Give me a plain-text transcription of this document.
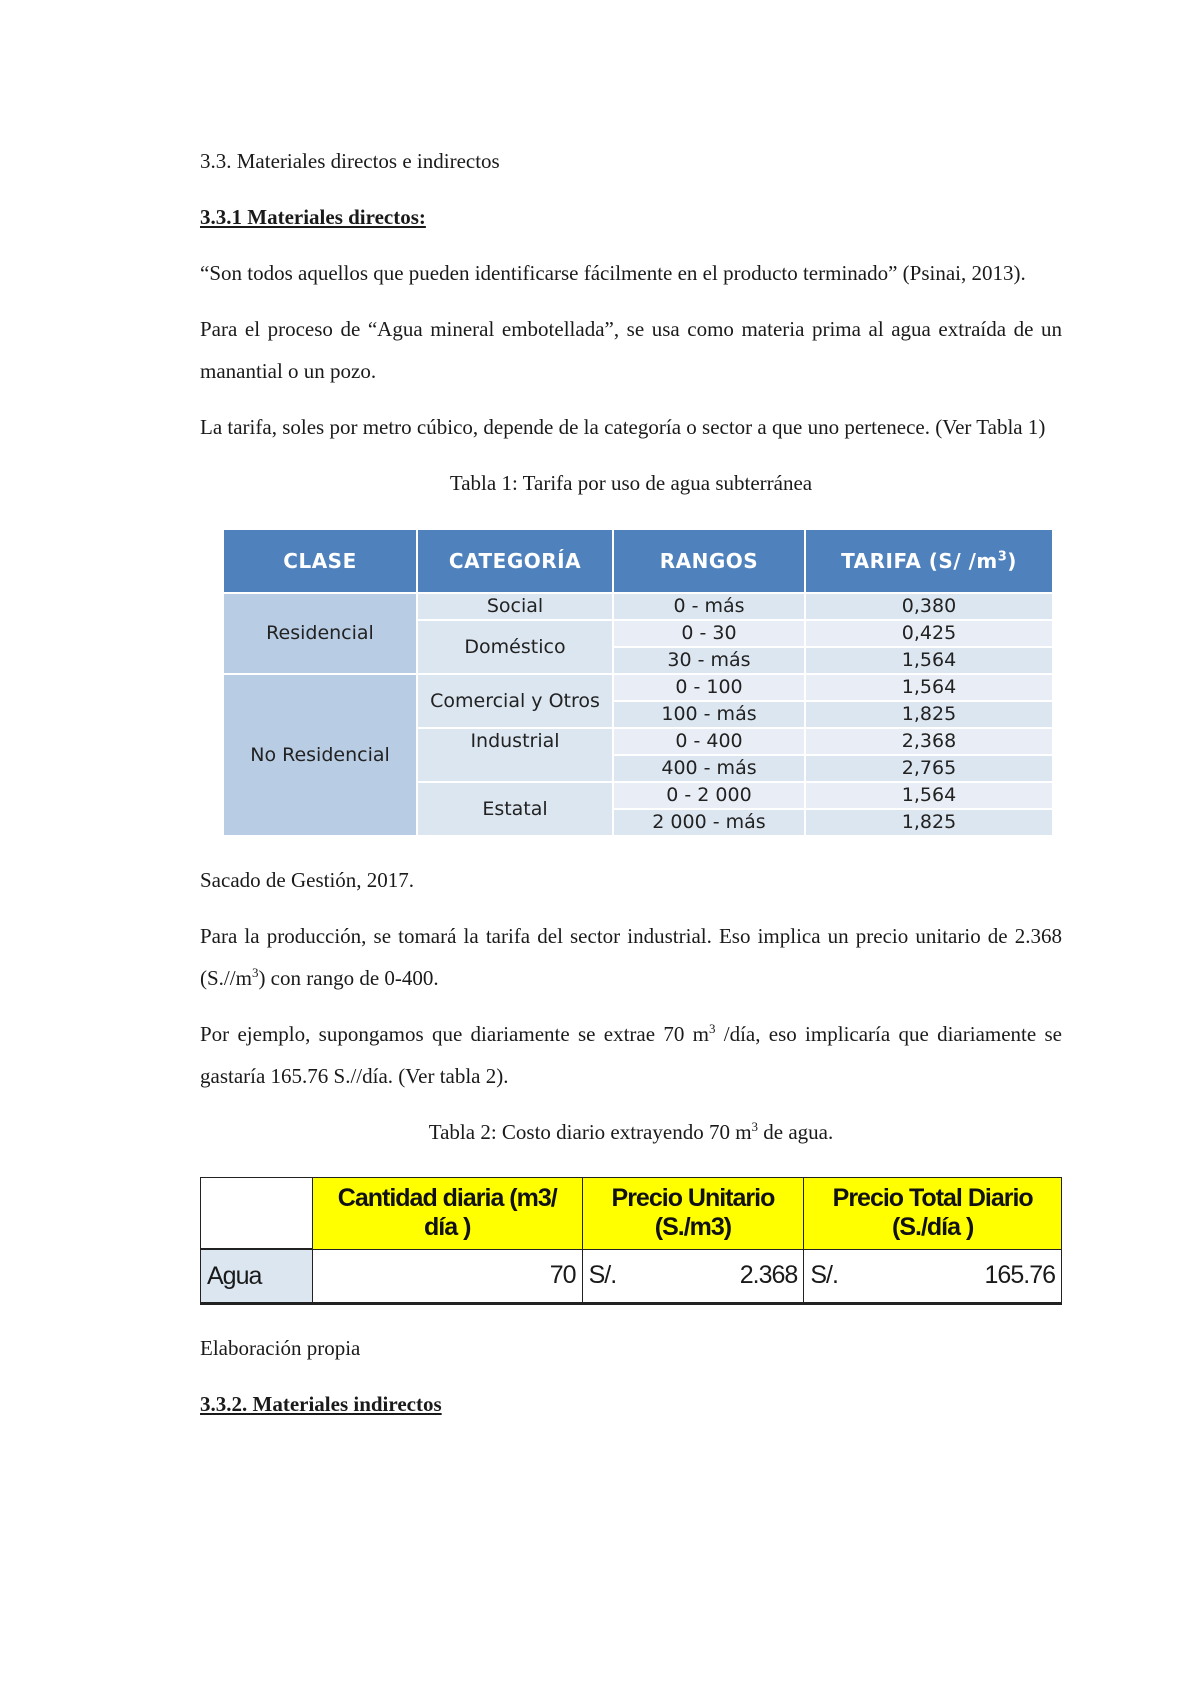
3.3. Materiales directos e indirectos

3.3.1 Materiales directos:

“Son todos aquellos que pueden identificarse fácilmente en el producto terminado” (Psinai, 2013).

Para el proceso de “Agua mineral embotellada”, se usa como materia prima al agua extraída de un manantial o un pozo.

La tarifa, soles por metro cúbico, depende de la categoría o sector a que uno pertenece. (Ver Tabla 1)

Tabla 1: Tarifa por uso de agua subterránea

CLASE	CATEGORÍA	RANGOS	TARIFA (S/ $/m^3$)
Residencial	Social	0 - más	0,380
	Doméstico	0 - 30	0,425
		30 - más	1,564
No Residencial	Comercial y Otros	0 - 100	1,564
		100 - más	1,825
	Industrial	0 - 400	2,368
		400 - más	2,765
	Estatal	0 - 2 000	1,564
		2 000 - más	1,825

Sacado de Gestión, 2017.

Para la producción, se tomará la tarifa del sector industrial. Eso implica un precio unitario de 2.368 $(S.//m^3)$ con rango de 0-400.

Por ejemplo, supongamos que diariamente se extrae 70 $m^3$ /día, eso implicaría que diariamente se gastaría 165.76 S.//día. (Ver tabla 2).

Tabla 2: Costo diario extrayendo 70 $m^3$ de agua.

	Cantidad diaria (m3/ día )	Precio Unitario (S./m3)	Precio Total Diario (S./día )
Agua	70	S/. 2.368	S/. 165.76

Elaboración propia

3.3.2. Materiales indirectos
